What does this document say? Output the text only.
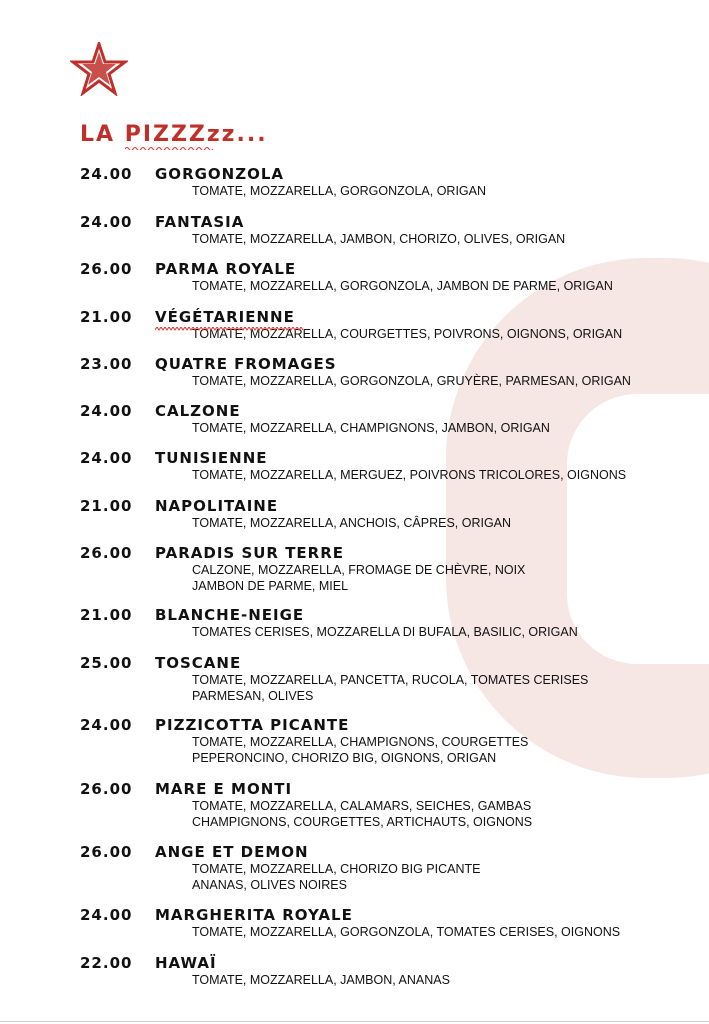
LA PIZZZzz...
24.00 GORGONZOLA
TOMATE, MOZZARELLA, GORGONZOLA, ORIGAN
24.00 FANTASIA
TOMATE, MOZZARELLA, JAMBON, CHORIZO, OLIVES, ORIGAN
26.00 PARMA ROYALE
TOMATE, MOZZARELLA, GORGONZOLA, JAMBON DE PARME, ORIGAN
21.00 VÉGÉTARIENNE
TOMATE, MOZZARELLA, COURGETTES, POIVRONS, OIGNONS, ORIGAN
23.00 QUATRE FROMAGES
TOMATE, MOZZARELLA, GORGONZOLA, GRUYÈRE, PARMESAN, ORIGAN
24.00 CALZONE
TOMATE, MOZZARELLA, CHAMPIGNONS, JAMBON, ORIGAN
24.00 TUNISIENNE
TOMATE, MOZZARELLA, MERGUEZ, POIVRONS TRICOLORES, OIGNONS
21.00 NAPOLITAINE
TOMATE, MOZZARELLA, ANCHOIS, CÂPRES, ORIGAN
26.00 PARADIS SUR TERRE
CALZONE, MOZZARELLA, FROMAGE DE CHÈVRE, NOIX
JAMBON DE PARME, MIEL
21.00 BLANCHE-NEIGE
TOMATES CERISES, MOZZARELLA DI BUFALA, BASILIC, ORIGAN
25.00 TOSCANE
TOMATE, MOZZARELLA, PANCETTA, RUCOLA, TOMATES CERISES
PARMESAN, OLIVES
24.00 PIZZICOTTA PICANTE
TOMATE, MOZZARELLA, CHAMPIGNONS, COURGETTES
PEPERONCINO, CHORIZO BIG, OIGNONS, ORIGAN
26.00 MARE E MONTI
TOMATE, MOZZARELLA, CALAMARS, SEICHES, GAMBAS
CHAMPIGNONS, COURGETTES, ARTICHAUTS, OIGNONS
26.00 ANGE ET DEMON
TOMATE, MOZZARELLA, CHORIZO BIG PICANTE
ANANAS, OLIVES NOIRES
24.00 MARGHERITA ROYALE
TOMATE, MOZZARELLA, GORGONZOLA, TOMATES CERISES, OIGNONS
22.00 HAWAÏ
TOMATE, MOZZARELLA, JAMBON, ANANAS
